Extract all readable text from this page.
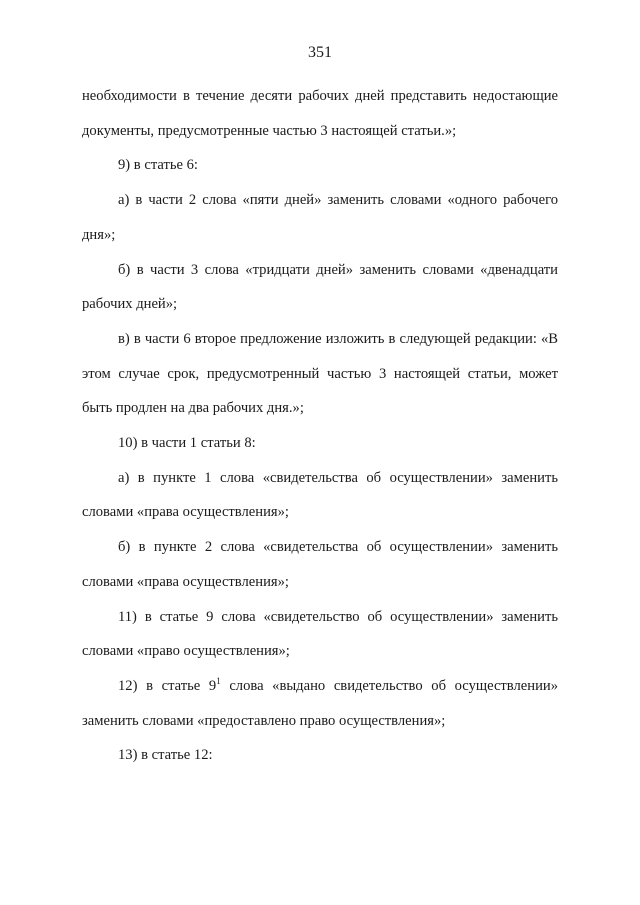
351

необходимости в течение десяти рабочих дней представить недостающие документы, предусмотренные частью 3 настоящей статьи.»;

9) в статье 6:

а) в части 2 слова «пяти дней» заменить словами «одного рабочего дня»;

б) в части 3 слова «тридцати дней» заменить словами «двенадцати рабочих дней»;

в) в части 6 второе предложение изложить в следующей редакции: «В этом случае срок, предусмотренный частью 3 настоящей статьи, может быть продлен на два рабочих дня.»;

10) в части 1 статьи 8:

а) в пункте 1 слова «свидетельства об осуществлении» заменить словами «права осуществления»;

б) в пункте 2 слова «свидетельства об осуществлении» заменить словами «права осуществления»;

11) в статье 9 слова «свидетельство об осуществлении» заменить словами «право осуществления»;

12) в статье $9^1$ слова «выдано свидетельство об осуществлении» заменить словами «предоставлено право осуществления»;

13) в статье 12:
